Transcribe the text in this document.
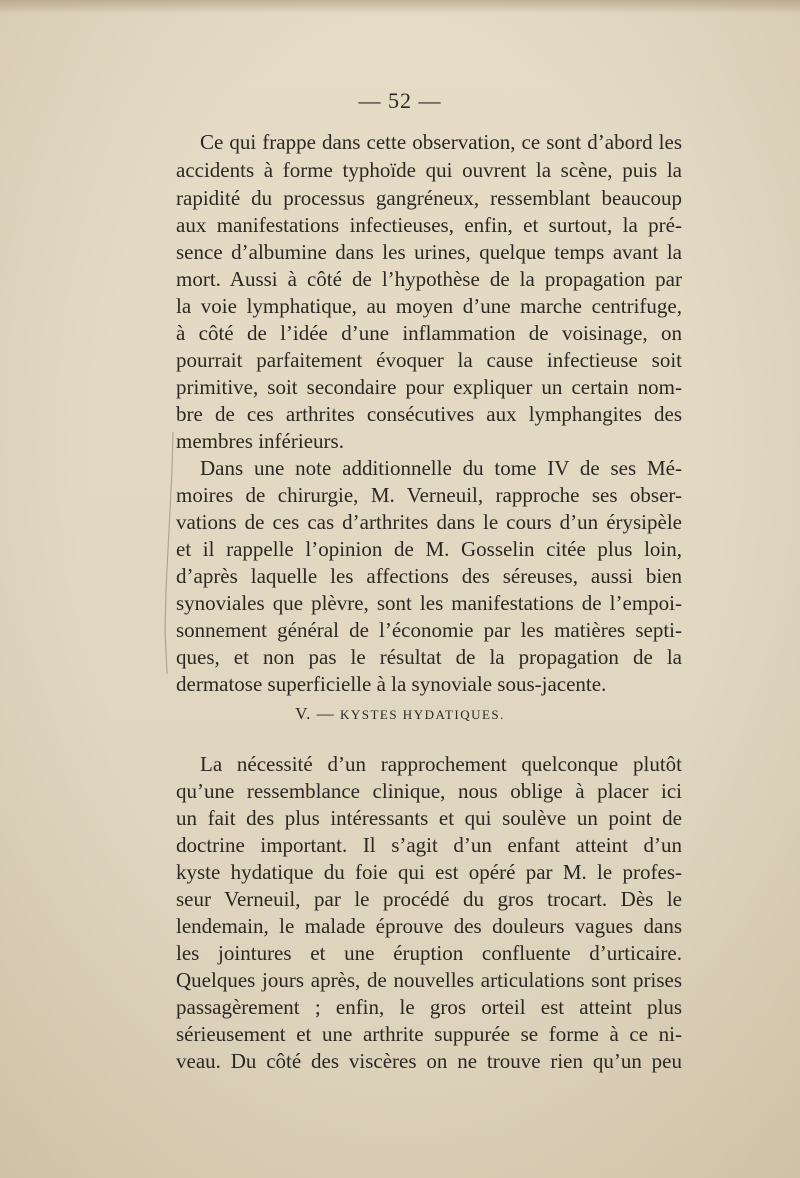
— 52 —
Ce qui frappe dans cette observation, ce sont d’abord les
accidents à forme typhoïde qui ouvrent la scène, puis la
rapidité du processus gangréneux, ressemblant beaucoup
aux manifestations infectieuses, enfin, et surtout, la pré-
sence d’albumine dans les urines, quelque temps avant la
mort. Aussi à côté de l’hypothèse de la propagation par
la voie lymphatique, au moyen d’une marche centrifuge,
à côté de l’idée d’une inflammation de voisinage, on
pourrait parfaitement évoquer la cause infectieuse soit
primitive, soit secondaire pour expliquer un certain nom-
bre de ces arthrites consécutives aux lymphangites des
membres inférieurs.
Dans une note additionnelle du tome IV de ses Mé-
moires de chirurgie, M. Verneuil, rapproche ses obser-
vations de ces cas d’arthrites dans le cours d’un érysipèle
et il rappelle l’opinion de M. Gosselin citée plus loin,
d’après laquelle les affections des séreuses, aussi bien
synoviales que plèvre, sont les manifestations de l’empoi-
sonnement général de l’économie par les matières septi-
ques, et non pas le résultat de la propagation de la
dermatose superficielle à la synoviale sous-jacente.
V. — KYSTES HYDATIQUES.
La nécessité d’un rapprochement quelconque plutôt
qu’une ressemblance clinique, nous oblige à placer ici
un fait des plus intéressants et qui soulève un point de
doctrine important. Il s’agit d’un enfant atteint d’un
kyste hydatique du foie qui est opéré par M. le profes-
seur Verneuil, par le procédé du gros trocart. Dès le
lendemain, le malade éprouve des douleurs vagues dans
les jointures et une éruption confluente d’urticaire.
Quelques jours après, de nouvelles articulations sont prises
passagèrement ; enfin, le gros orteil est atteint plus
sérieusement et une arthrite suppurée se forme à ce ni-
veau. Du côté des viscères on ne trouve rien qu’un peu
